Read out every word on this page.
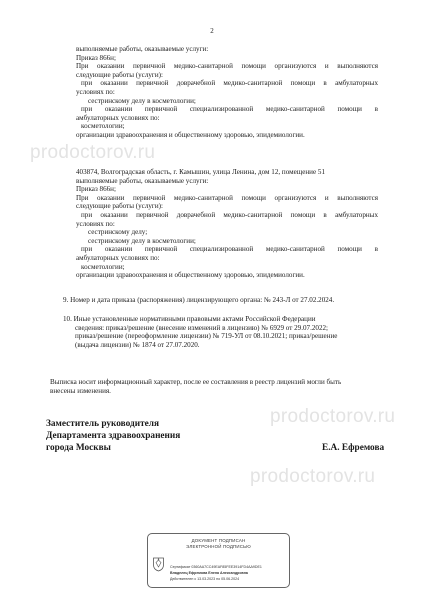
2
выполняемые работы, оказываемые услуги:
Приказ 866н;
При оказании первичной медико-санитарной помощи организуются и выполняются
следующие работы (услуги):
при оказании первичной доврачебной медико-санитарной помощи в амбулаторных
условиях по:
сестринскому делу в косметологии;
при оказании первичной специализированной медико-санитарной помощи в
амбулаторных условиях по:
косметологии;
организации здравоохранения и общественному здоровью, эпидемиологии.
403874, Волгоградская область, г. Камышин, улица Ленина, дом 12, помещение 51
выполняемые работы, оказываемые услуги:
Приказ 866н;
При оказании первичной медико-санитарной помощи организуются и выполняются
следующие работы (услуги):
при оказании первичной доврачебной медико-санитарной помощи в амбулаторных
условиях по:
сестринскому делу;
сестринскому делу в косметологии;
при оказании первичной специализированной медико-санитарной помощи в
амбулаторных условиях по:
косметологии;
организации здравоохранения и общественному здоровью, эпидемиологии.
9. Номер и дата приказа (распоряжения) лицензирующего органа: № 243-Л от 27.02.2024.
10. Иные установленные нормативными правовыми актами Российской Федерации
сведения: приказ/решение (внесение изменений в лицензию) № 6929 от 29.07.2022;
приказ/решение (переоформление лицензии) № 719-УЛ от 08.10.2021; приказ/решение
(выдача лицензии) № 1874 от 27.07.2020.
Выписка носит информационный характер, после ее составления в реестр лицензий могли быть
внесены изменения.
prodoctorov.ru
prodoctorov.ru
prodoctorov.ru
Заместитель руководителя
Департамента здравоохранения
города Москвы	Е.А. Ефремова
ДОКУМЕНТ ПОДПИСАН
ЭЛЕКТРОННОЙ ПОДПИСЬЮ
Сертификат 0360AA7CC49EAF85FEE3914FD4AA9DE1
Владелец Ефремова Елена Александровна
Действителен с 13.03.2023 по 05.06.2024
